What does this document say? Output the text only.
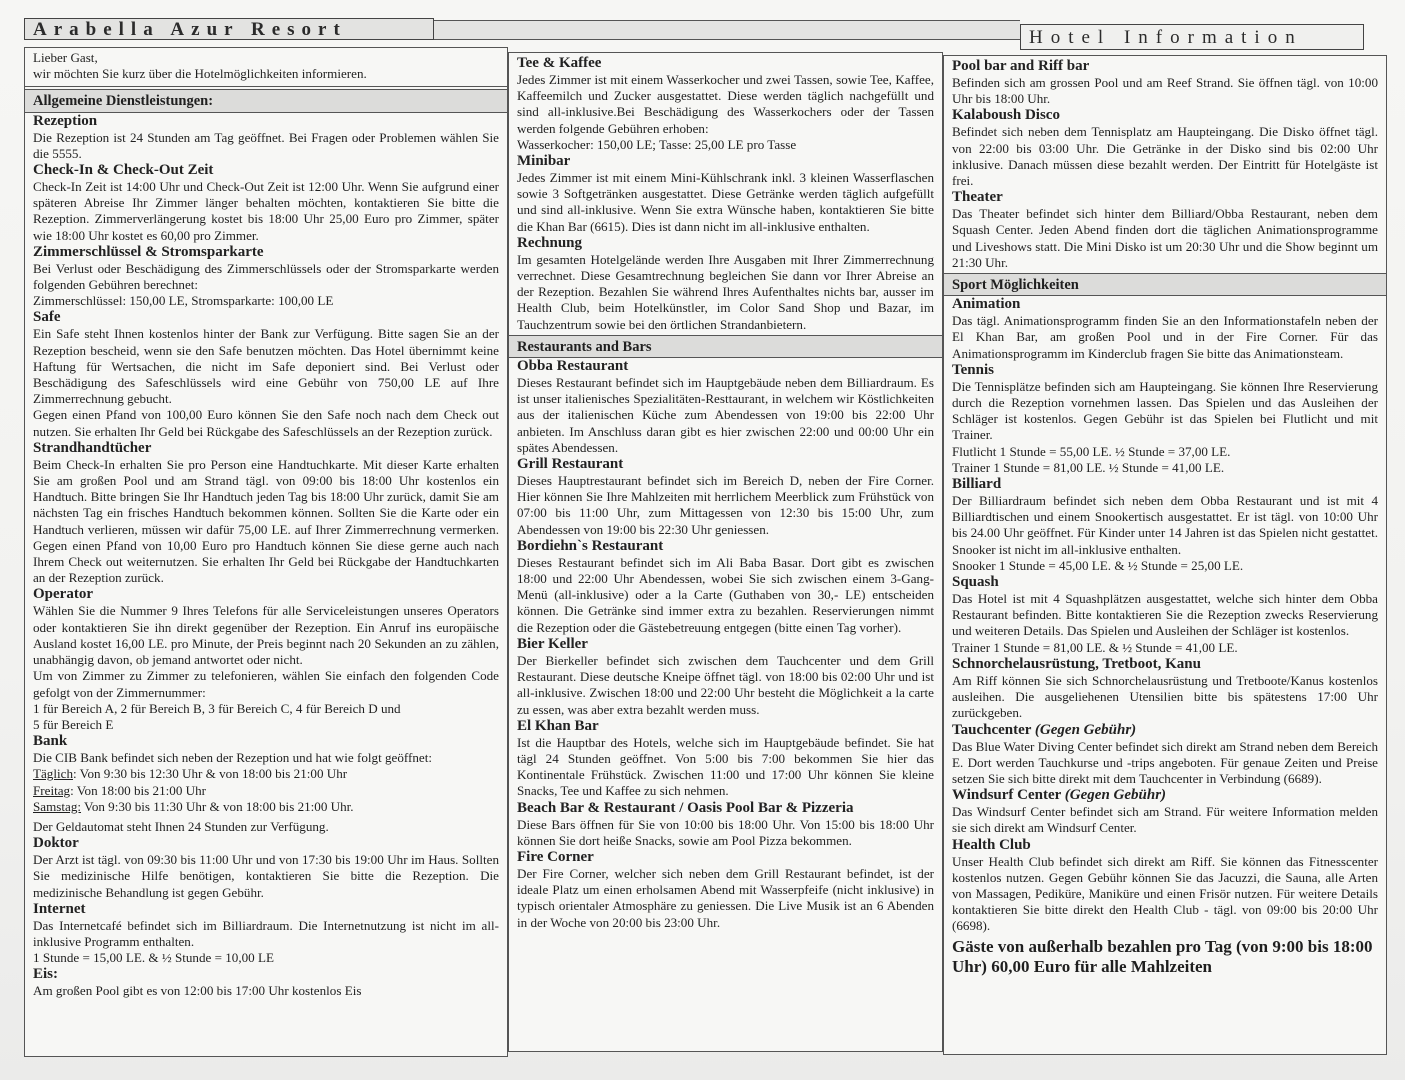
Arabella Azur Resort	Hotel Information
Lieber Gast,
wir möchten Sie kurz über die Hotelmöglichkeiten informieren.
Allgemeine Dienstleistungen:
Rezeption

Die Rezeption ist 24 Stunden am Tag geöffnet. Bei Fragen oder Problemen wählen Sie die 5555.

Check-In & Check-Out Zeit

Check-In Zeit ist 14:00 Uhr und Check-Out Zeit ist 12:00 Uhr. Wenn Sie aufgrund einer späteren Abreise Ihr Zimmer länger behalten möchten, kontaktieren Sie bitte die Rezeption. Zimmerverlängerung kostet bis 18:00 Uhr 25,00 Euro pro Zimmer, später wie 18:00 Uhr kostet es 60,00 pro Zimmer.

Zimmerschlüssel & Stromsparkarte

Bei Verlust oder Beschädigung des Zimmerschlüssels oder der Stromsparkarte werden folgenden Gebühren berechnet:

Zimmerschlüssel: 150,00 LE, Stromsparkarte: 100,00 LE

Safe

Ein Safe steht Ihnen kostenlos hinter der Bank zur Verfügung. Bitte sagen Sie an der Rezeption bescheid, wenn sie den Safe benutzen möchten. Das Hotel übernimmt keine Haftung für Wertsachen, die nicht im Safe deponiert sind. Bei Verlust oder Beschädigung des Safeschlüssels wird eine Gebühr von 750,00 LE auf Ihre Zimmerrechnung gebucht.

Gegen einen Pfand von 100,00 Euro können Sie den Safe noch nach dem Check out nutzen. Sie erhalten Ihr Geld bei Rückgabe des Safeschlüssels an der Rezeption zurück.

Strandhandtücher

Beim Check-In erhalten Sie pro Person eine Handtuchkarte. Mit dieser Karte erhalten Sie am großen Pool und am Strand tägl. von 09:00 bis 18:00 Uhr kostenlos ein Handtuch. Bitte bringen Sie Ihr Handtuch jeden Tag bis 18:00 Uhr zurück, damit Sie am nächsten Tag ein frisches Handtuch bekommen können. Sollten Sie die Karte oder ein Handtuch verlieren, müssen wir dafür 75,00 LE. auf Ihrer Zimmerrechnung vermerken. Gegen einen Pfand von 10,00 Euro pro Handtuch können Sie diese gerne auch nach Ihrem Check out weiternutzen. Sie erhalten Ihr Geld bei Rückgabe der Handtuchkarten an der Rezeption zurück.

Operator

Wählen Sie die Nummer 9 Ihres Telefons für alle Serviceleistungen unseres Operators oder kontaktieren Sie ihn direkt gegenüber der Rezeption. Ein Anruf ins europäische Ausland kostet 16,00 LE. pro Minute, der Preis beginnt nach 20 Sekunden an zu zählen, unabhängig davon, ob jemand antwortet oder nicht.

Um von Zimmer zu Zimmer zu telefonieren, wählen Sie einfach den folgenden Code gefolgt von der Zimmernummer:

1 für Bereich A, 2 für Bereich B, 3 für Bereich C, 4 für Bereich D und

5 für Bereich E

Bank

Die CIB Bank befindet sich neben der Rezeption und hat wie folgt geöffnet:

Täglich: Von 9:30 bis 12:30 Uhr & von 18:00 bis 21:00 Uhr
Freitag: Von 18:00 bis 21:00 Uhr
Samstag: Von 9:30 bis 11:30 Uhr & von 18:00 bis 21:00 Uhr.

Der Geldautomat steht Ihnen 24 Stunden zur Verfügung.

Doktor

Der Arzt ist tägl. von 09:30 bis 11:00 Uhr und von 17:30 bis 19:00 Uhr im Haus. Sollten Sie medizinische Hilfe benötigen, kontaktieren Sie bitte die Rezeption. Die medizinische Behandlung ist gegen Gebühr.

Internet

Das Internetcafé befindet sich im Billiardraum. Die Internetnutzung ist nicht im all-inklusive Programm enthalten.

1 Stunde = 15,00 LE. & ½ Stunde = 10,00 LE

Eis:

Am großen Pool gibt es von 12:00 bis 17:00 Uhr kostenlos Eis

Tee & Kaffee

Jedes Zimmer ist mit einem Wasserkocher und zwei Tassen, sowie Tee, Kaffee, Kaffeemilch und Zucker ausgestattet. Diese werden täglich nachgefüllt und sind all-inklusive.Bei Beschädigung des Wasserkochers oder der Tassen werden folgende Gebühren erhoben:

Wasserkocher: 150,00 LE; Tasse: 25,00 LE pro Tasse

Minibar

Jedes Zimmer ist mit einem Mini-Kühlschrank inkl. 3 kleinen Wasserflaschen sowie 3 Softgetränken ausgestattet. Diese Getränke werden täglich aufgefüllt und sind all-inklusive. Wenn Sie extra Wünsche haben, kontaktieren Sie bitte die Khan Bar (6615). Dies ist dann nicht im all-inklusive enthalten.

Rechnung

Im gesamten Hotelgelände werden Ihre Ausgaben mit Ihrer Zimmerrechnung verrechnet. Diese Gesamtrechnung begleichen Sie dann vor Ihrer Abreise an der Rezeption. Bezahlen Sie während Ihres Aufenthaltes nichts bar, ausser im Health Club, beim Hotelkünstler, im Color Sand Shop und Bazar, im Tauchzentrum sowie bei den örtlichen Strandanbietern.

Restaurants and Bars
Obba Restaurant

Dieses Restaurant befindet sich im Hauptgebäude neben dem Billiardraum. Es ist unser italienisches Spezialitäten-Resttaurant, in welchem wir Köstlichkeiten aus der italienischen Küche zum Abendessen von 19:00 bis 22:00 Uhr anbieten. Im Anschluss daran gibt es hier zwischen 22:00 und 00:00 Uhr ein spätes Abendessen.

Grill Restaurant

Dieses Hauptrestaurant befindet sich im Bereich D, neben der Fire Corner. Hier können Sie Ihre Mahlzeiten mit herrlichem Meerblick zum Frühstück von 07:00 bis 11:00 Uhr, zum Mittagessen von 12:30 bis 15:00 Uhr, zum Abendessen von 19:00 bis 22:30 Uhr geniessen.

Bordiehn`s Restaurant

Dieses Restaurant befindet sich im Ali Baba Basar. Dort gibt es zwischen 18:00 und 22:00 Uhr Abendessen, wobei Sie sich zwischen einem 3-Gang-Menü (all-inklusive) oder a la Carte (Guthaben von 30,- LE) entscheiden können. Die Getränke sind immer extra zu bezahlen. Reservierungen nimmt die Rezeption oder die Gästebetreuung entgegen (bitte einen Tag vorher).

Bier Keller

Der Bierkeller befindet sich zwischen dem Tauchcenter und dem Grill Restaurant. Diese deutsche Kneipe öffnet tägl. von 18:00 bis 02:00 Uhr und ist all-inklusive. Zwischen 18:00 und 22:00 Uhr besteht die Möglichkeit a la carte zu essen, was aber extra bezahlt werden muss.

El Khan Bar

Ist die Hauptbar des Hotels, welche sich im Hauptgebäude befindet. Sie hat tägl 24 Stunden geöffnet. Von 5:00 bis 7:00 bekommen Sie hier das Kontinentale Frühstück. Zwischen 11:00 und 17:00 Uhr können Sie kleine Snacks, Tee und Kaffee zu sich nehmen.

Beach Bar & Restaurant / Oasis Pool Bar & Pizzeria

Diese Bars öffnen für Sie von 10:00 bis 18:00 Uhr. Von 15:00 bis 18:00 Uhr können Sie dort heiße Snacks, sowie am Pool Pizza bekommen.

Fire Corner

Der Fire Corner, welcher sich neben dem Grill Restaurant befindet, ist der ideale Platz um einen erholsamen Abend mit Wasserpfeife (nicht inklusive) in typisch orientaler Atmosphäre zu geniessen. Die Live Musik ist an 6 Abenden in der Woche von 20:00 bis 23:00 Uhr.

Pool bar and Riff bar

Befinden sich am grossen Pool und am Reef Strand. Sie öffnen tägl. von 10:00 Uhr bis 18:00 Uhr.

Kalaboush Disco

Befindet sich neben dem Tennisplatz am Haupteingang. Die Disko öffnet tägl. von 22:00 bis 03:00 Uhr. Die Getränke in der Disko sind bis 02:00 Uhr inklusive. Danach müssen diese bezahlt werden. Der Eintritt für Hotelgäste ist frei.

Theater

Das Theater befindet sich hinter dem Billiard/Obba Restaurant, neben dem Squash Center. Jeden Abend finden dort die täglichen Animationsprogramme und Liveshows statt. Die Mini Disko ist um 20:30 Uhr und die Show beginnt um 21:30 Uhr.

Sport Möglichkeiten
Animation

Das tägl. Animationsprogramm finden Sie an den Informationstafeln neben der El Khan Bar, am großen Pool und in der Fire Corner. Für das Animationsprogramm im Kinderclub fragen Sie bitte das Animationsteam.

Tennis

Die Tennisplätze befinden sich am Haupteingang. Sie können Ihre Reservierung durch die Rezeption vornehmen lassen. Das Spielen und das Ausleihen der Schläger ist kostenlos. Gegen Gebühr ist das Spielen bei Flutlicht und mit Trainer.

Flutlicht 1 Stunde = 55,00 LE. ½ Stunde = 37,00 LE.

Trainer 1 Stunde = 81,00 LE. ½ Stunde = 41,00 LE.

Billiard

Der Billiardraum befindet sich neben dem Obba Restaurant und ist mit 4 Billiardtischen und einem Snookertisch ausgestattet. Er ist tägl. von 10:00 Uhr bis 24.00 Uhr geöffnet. Für Kinder unter 14 Jahren ist das Spielen nicht gestattet. Snooker ist nicht im all-inklusive enthalten.

Snooker 1 Stunde = 45,00 LE. & ½ Stunde = 25,00 LE.

Squash

Das Hotel ist mit 4 Squashplätzen ausgestattet, welche sich hinter dem Obba Restaurant befinden. Bitte kontaktieren Sie die Rezeption zwecks Reservierung und weiteren Details. Das Spielen und Ausleihen der Schläger ist kostenlos.

Trainer 1 Stunde = 81,00 LE. & ½ Stunde = 41,00 LE.

Schnorchelausrüstung, Tretboot, Kanu

Am Riff können Sie sich Schnorchelausrüstung und Tretboote/Kanus kostenlos ausleihen. Die ausgeliehenen Utensilien bitte bis spätestens 17:00 Uhr zurückgeben.

Tauchcenter (Gegen Gebühr)

Das Blue Water Diving Center befindet sich direkt am Strand neben dem Bereich E. Dort werden Tauchkurse und -trips angeboten. Für genaue Zeiten und Preise setzen Sie sich bitte direkt mit dem Tauchcenter in Verbindung (6689).

Windsurf Center (Gegen Gebühr)

Das Windsurf Center befindet sich am Strand. Für weitere Information melden sie sich direkt am Windsurf Center.

Health Club

Unser Health Club befindet sich direkt am Riff. Sie können das Fitnesscenter kostenlos nutzen. Gegen Gebühr können Sie das Jacuzzi, die Sauna, alle Arten von Massagen, Pediküre, Maniküre und einen Frisör nutzen. Für weitere Details kontaktieren Sie bitte direkt den Health Club - tägl. von 09:00 bis 20:00 Uhr (6698).

Gäste von außerhalb bezahlen pro Tag (von 9:00 bis 18:00 Uhr) 60,00 Euro für alle Mahlzeiten
